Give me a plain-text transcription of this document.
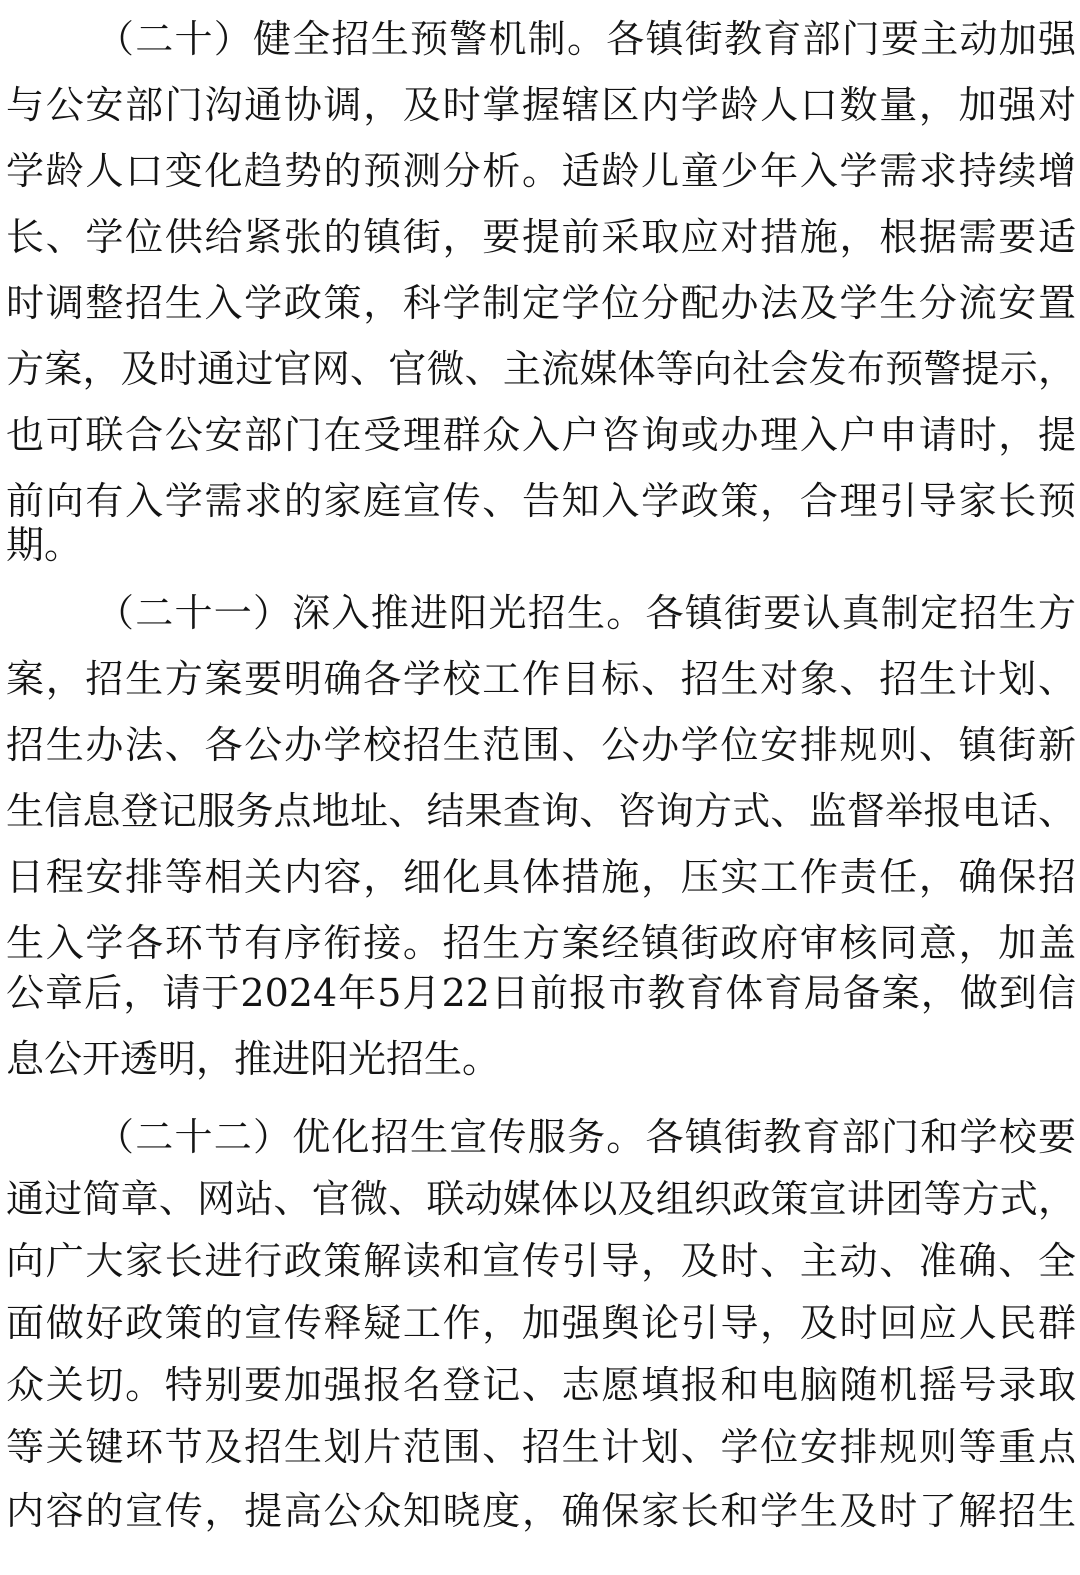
（二十）健全招生预警机制。各镇街教育部门要主动加强
与公安部门沟通协调，及时掌握辖区内学龄人口数量，加强对
学龄人口变化趋势的预测分析。适龄儿童少年入学需求持续增
长、学位供给紧张的镇街，要提前采取应对措施，根据需要适
时调整招生入学政策，科学制定学位分配办法及学生分流安置
方案，及时通过官网、官微、主流媒体等向社会发布预警提示，
也可联合公安部门在受理群众入户咨询或办理入户申请时，提
前向有入学需求的家庭宣传、告知入学政策，合理引导家长预
期。
（二十一）深入推进阳光招生。各镇街要认真制定招生方
案，招生方案要明确各学校工作目标、招生对象、招生计划、
招生办法、各公办学校招生范围、公办学位安排规则、镇街新
生信息登记服务点地址、结果查询、咨询方式、监督举报电话、
日程安排等相关内容，细化具体措施，压实工作责任，确保招
生入学各环节有序衔接。招生方案经镇街政府审核同意，加盖
公章后，请于2024年5月22日前报市教育体育局备案，做到信
息公开透明，推进阳光招生。
（二十二）优化招生宣传服务。各镇街教育部门和学校要
通过简章、网站、官微、联动媒体以及组织政策宣讲团等方式，
向广大家长进行政策解读和宣传引导，及时、主动、准确、全
面做好政策的宣传释疑工作，加强舆论引导，及时回应人民群
众关切。特别要加强报名登记、志愿填报和电脑随机摇号录取
等关键环节及招生划片范围、招生计划、学位安排规则等重点
内容的宣传，提高公众知晓度，确保家长和学生及时了解招生
